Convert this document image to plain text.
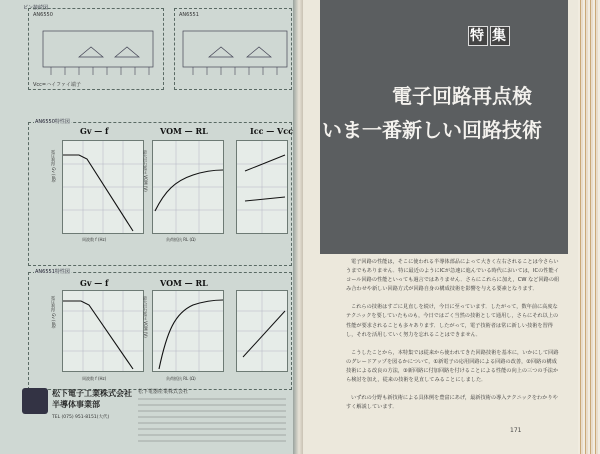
ピン接続図
AN6550
Vcc=ハイファイ端子
AN6551
AN6550特性図
Gv — f
電圧利得 Gv (dB)
周波数 f (Hz)
VOM — RL
最大出力電圧 VOM (V)
負荷抵抗 RL (Ω)
Icc — Vcc
AN6551特性図
Gv — f
電圧利得 Gv (dB)
周波数 f (Hz)
VOM — RL
最大出力電圧 VOM (V)
負荷抵抗 RL (Ω)
松下電子工業株式会社
半導体事業部
松下電器産業株式会社
TEL (075) 951-8151(大代)
特 集
電子回路再点検
いま一番新しい回路技術

電子回路の性能は，そこに使われる半導体部品によって大きく左右されることは今さらいうまでもありません．特に最近のようにICが急速に進んでいる時代においては，ICの性能イコール回路の性能といっても過言ではありません．さらにこれらに加え，CW など回路の組み合わせや新しい回路方式が回路自身の構成技術を影響を与える要素となります．

これらの技術はすごに見直しを続け，今日に至っています．したがって，数年前に高度なテクニックを要していたものも，今日ではごく当然の技術として通用し，さらにそれ以上の性能が要求されることも多々あります．したがって，電子技術者は常に新しい技術を習得し，それを活用していく努力を忘れることはできません．

こうしたことから，本特集では従来から使われてきた回路技術を基本に，いかにして回路のグレードアップを図るかについて，①新電子の応用回路による回路の改善，②回路の構成技術による改良の方法，③新回路に付加回路を付けることによる性能の向上の三つの手法から検討を加え，従来の技術を見直してみることにしました．

いずれの分野も新技術による具体例を豊富にあげ，最新技術の導入テクニックをわかりやすく解説しています．

171
